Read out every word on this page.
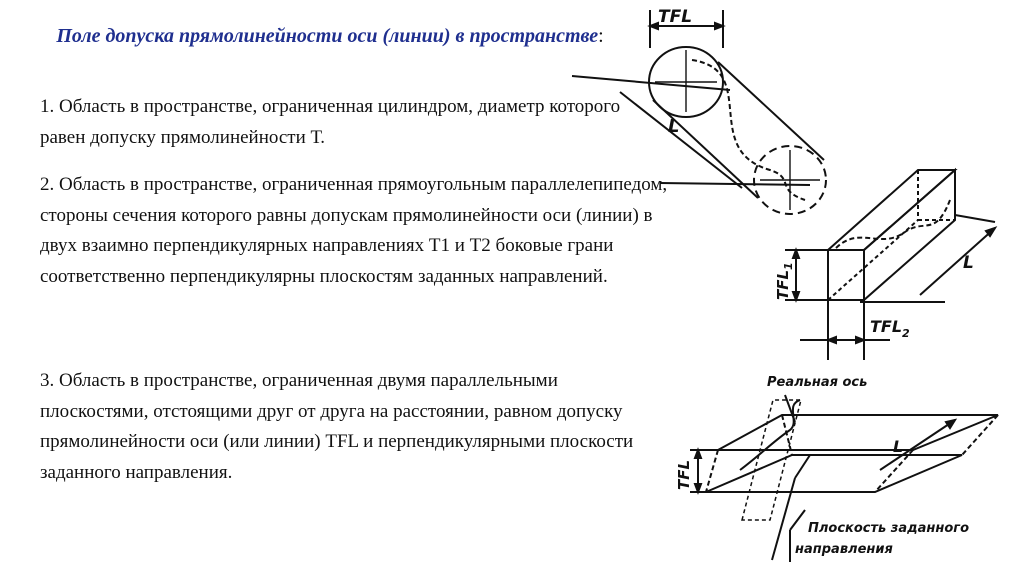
Поле допуска прямолинейности оси (линии) в пространстве:
1. Область в пространстве, ограниченная цилиндром, диаметр которого равен допуску прямолинейности Т.
2. Область в пространстве, ограниченная прямоугольным параллелепипедом, стороны сечения которого равны допускам прямолинейности оси (линии) в двух взаимно перпендикулярных направлениях Т1 и Т2 боковые грани соответственно перпендикулярны плоскостям заданных направлений.
3. Область в пространстве, ограниченная двумя параллельными плоскостями, отстоящими друг от друга на расстоянии, равном допуску прямолинейности оси (или линии) TFL и перпендикулярными плоскости заданного направления.
TFL
L
$TFL_1$
$TFL_2$
L
Реальная ось
TFL
L
Плоскость заданного
направления
